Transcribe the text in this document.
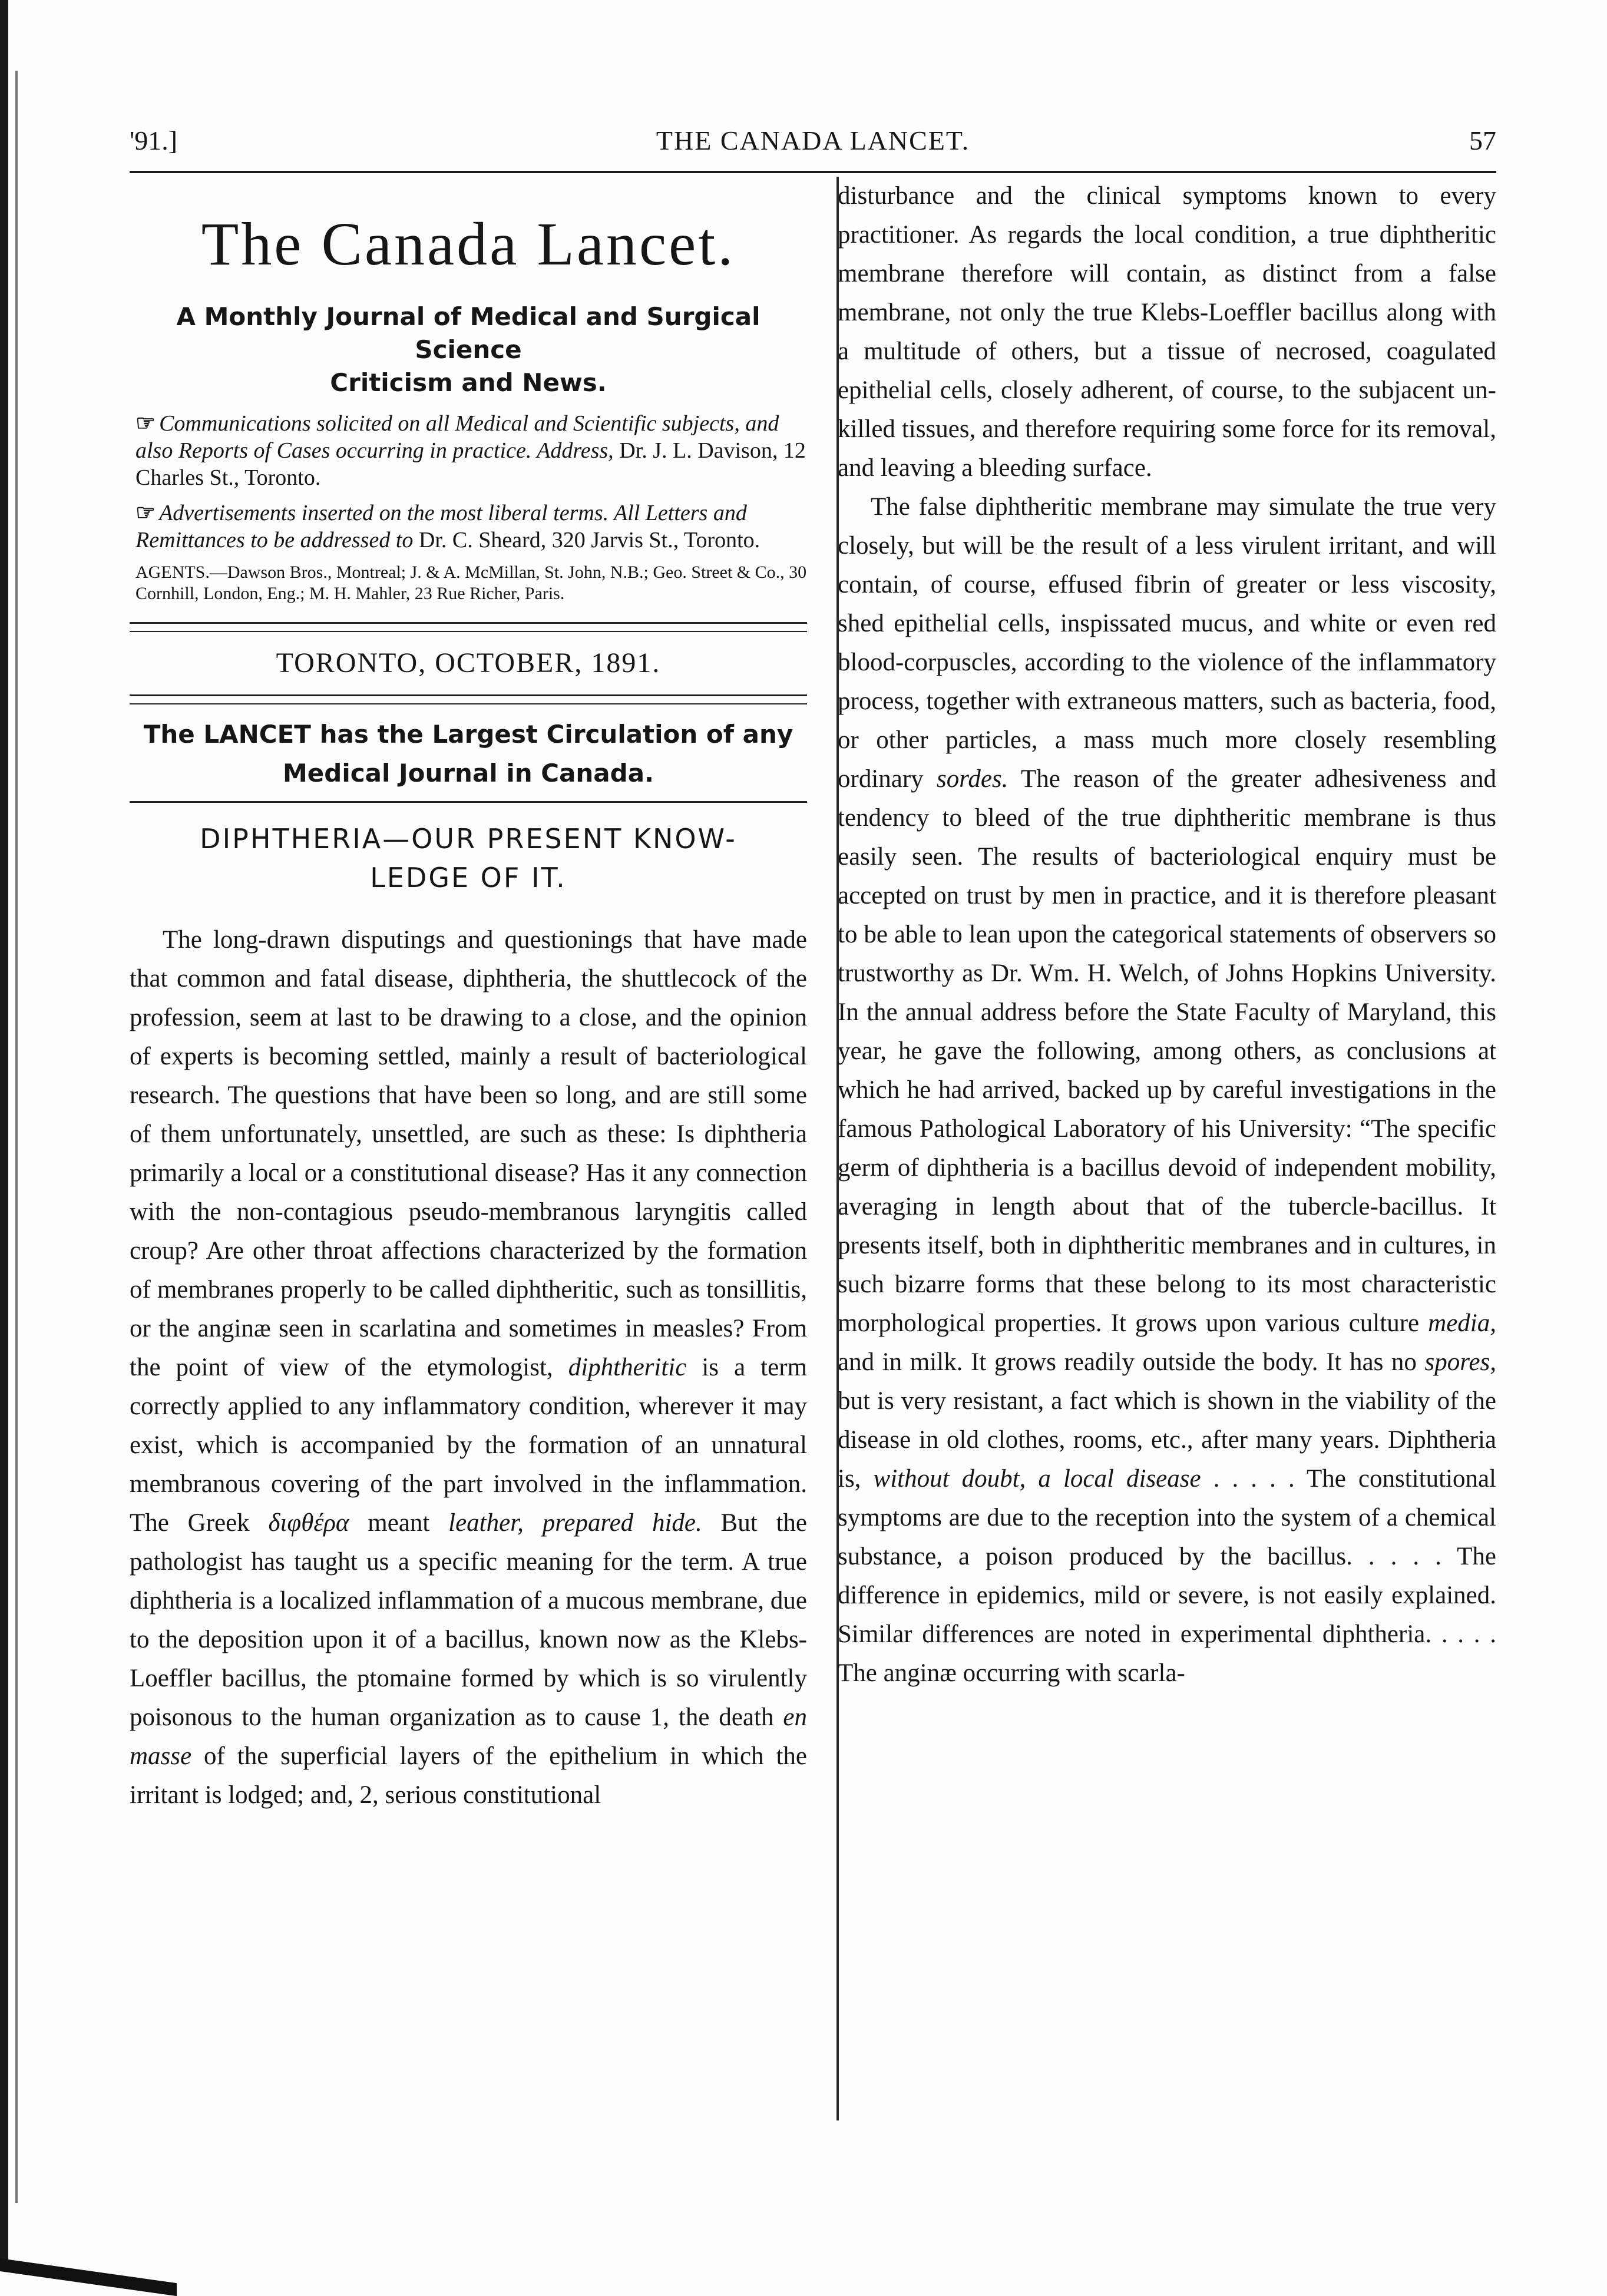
'91.]	THE CANADA LANCET.	57
The Canada Lancet.
A Monthly Journal of Medical and Surgical Science
Criticism and News.
☞ Communications solicited on all Medical and Scientific subjects, and also Reports of Cases occurring in practice. Address, Dr. J. L. Davison, 12 Charles St., Toronto.
☞ Advertisements inserted on the most liberal terms. All Letters and Remittances to be addressed to Dr. C. Sheard, 320 Jarvis St., Toronto.
AGENTS.—Dawson Bros., Montreal; J. & A. McMillan, St. John, N.B.; Geo. Street & Co., 30 Cornhill, London, Eng.; M. H. Mahler, 23 Rue Richer, Paris.
TORONTO, OCTOBER, 1891.
The LANCET has the Largest Circulation of any
Medical Journal in Canada.
DIPHTHERIA—OUR PRESENT KNOW-
LEDGE OF IT.

The long-drawn disputings and questionings that have made that common and fatal disease, diphtheria, the shuttlecock of the profession, seem at last to be drawing to a close, and the opinion of experts is becoming settled, mainly a result of bacteriological research. The questions that have been so long, and are still some of them unfortunately, unsettled, are such as these: Is diphtheria primarily a local or a constitutional disease? Has it any connection with the non-contagious pseudo-membranous laryngitis called croup? Are other throat affections characterized by the formation of membranes properly to be called diphtheritic, such as tonsillitis, or the anginæ seen in scarlatina and sometimes in measles? From the point of view of the etymologist, diphtheritic is a term correctly applied to any inflammatory condition, wherever it may exist, which is accompanied by the formation of an unnatural membranous covering of the part involved in the inflammation. The Greek διφθέρα meant leather, prepared hide. But the pathologist has taught us a specific meaning for the term. A true diphtheria is a localized inflammation of a mucous membrane, due to the deposition upon it of a bacillus, known now as the Klebs-Loeffler bacillus, the ptomaine formed by which is so virulently poisonous to the human organization as to cause 1, the death en masse of the superficial layers of the epithelium in which the irritant is lodged; and, 2, serious constitutional

disturbance and the clinical symptoms known to every practitioner. As regards the local condition, a true diphtheritic membrane therefore will contain, as distinct from a false membrane, not only the true Klebs-Loeffler bacillus along with a multitude of others, but a tissue of necrosed, coagulated epithelial cells, closely adherent, of course, to the subjacent un-killed tissues, and therefore requiring some force for its removal, and leaving a bleeding surface.

The false diphtheritic membrane may simulate the true very closely, but will be the result of a less virulent irritant, and will contain, of course, effused fibrin of greater or less viscosity, shed epithelial cells, inspissated mucus, and white or even red blood-corpuscles, according to the violence of the inflammatory process, together with extraneous matters, such as bacteria, food, or other particles, a mass much more closely resembling ordinary sordes. The reason of the greater adhesiveness and tendency to bleed of the true diphtheritic membrane is thus easily seen. The results of bacteriological enquiry must be accepted on trust by men in practice, and it is therefore pleasant to be able to lean upon the categorical statements of observers so trustworthy as Dr. Wm. H. Welch, of Johns Hopkins University. In the annual address before the State Faculty of Maryland, this year, he gave the following, among others, as conclusions at which he had arrived, backed up by careful investigations in the famous Pathological Laboratory of his University: “The specific germ of diphtheria is a bacillus devoid of independent mobility, averaging in length about that of the tubercle-bacillus. It presents itself, both in diphtheritic membranes and in cultures, in such bizarre forms that these belong to its most characteristic morphological properties. It grows upon various culture media, and in milk. It grows readily outside the body. It has no spores, but is very resistant, a fact which is shown in the viability of the disease in old clothes, rooms, etc., after many years. Diphtheria is, without doubt, a local disease . . . . . The constitutional symptoms are due to the reception into the system of a chemical substance, a poison produced by the bacillus. . . . . The difference in epidemics, mild or severe, is not easily explained. Similar differences are noted in experimental diphtheria. . . . . The anginæ occurring with scarla-
